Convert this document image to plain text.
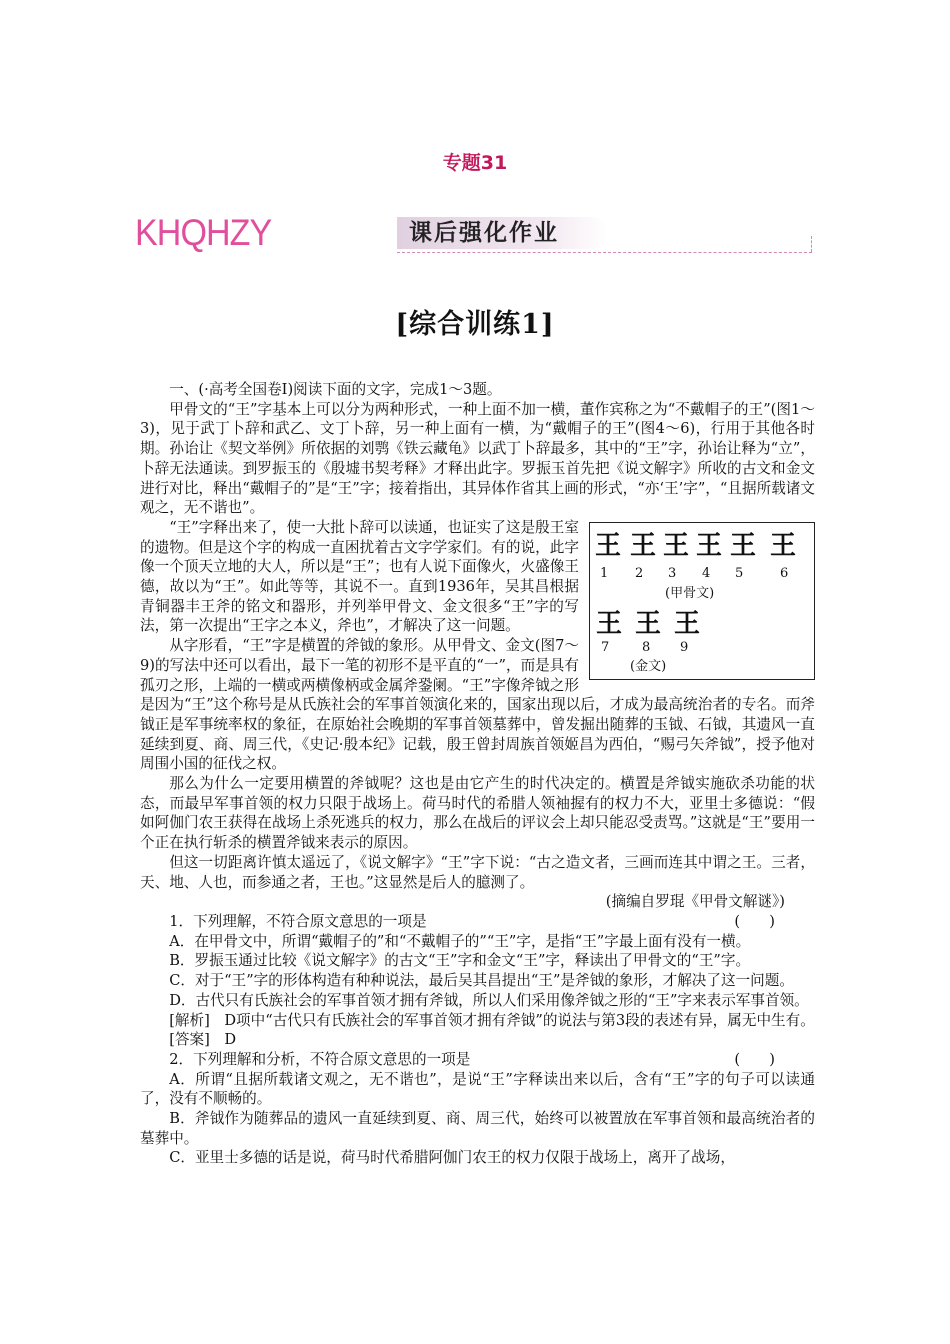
专题31
KHQHZY	课后强化作业
[综合训练1]

一、(·高考全国卷Ⅰ)阅读下面的文字，完成1～3题。

甲骨文的“王”字基本上可以分为两种形式，一种上面不加一横，董作宾称之为“不戴帽子的王”(图1～3)，见于武丁卜辞和武乙、文丁卜辞，另一种上面有一横，为“戴帽子的王”(图4～6)，行用于其他各时期。孙诒让《契文举例》所依据的刘鹗《铁云藏龟》以武丁卜辞最多，其中的“王”字，孙诒让释为“立”，卜辞无法通读。到罗振玉的《殷墟书契考释》才释出此字。罗振玉首先把《说文解字》所收的古文和金文进行对比，释出“戴帽子的”是“王”字；接着指出，其异体作省其上画的形式，“亦‘王’字”，“且据所载诸文观之，无不谐也”。

王 王 王 王 王 王
1 2 3 4 5	6
(甲骨文)
王 王 王
7	8 9
(金文)

“王”字释出来了，使一大批卜辞可以读通，也证实了这是殷王室的遗物。但是这个字的构成一直困扰着古文字学家们。有的说，此字像一个顶天立地的大人，所以是“王”；也有人说下面像火，火盛像王德，故以为“王”。如此等等，其说不一。直到1936年，吴其昌根据青铜器丰王斧的铭文和器形，并列举甲骨文、金文很多“王”字的写法，第一次提出“王字之本义，斧也”，才解决了这一问题。

从字形看，“王”字是横置的斧钺的象形。从甲骨文、金文(图7～9)的写法中还可以看出，最下一笔的初形不是平直的“一”，而是具有孤刃之形，上端的一横或两横像柄或金属斧銎阑。“王”字像斧钺之形是因为“王”这个称号是从氏族社会的军事首领演化来的，国家出现以后，才成为最高统治者的专名。而斧钺正是军事统率权的象征，在原始社会晚期的军事首领墓葬中，曾发掘出随葬的玉钺、石钺，其遗风一直延续到夏、商、周三代，《史记·殷本纪》记载，殷王曾封周族首领姬昌为西伯，“赐弓矢斧钺”，授予他对周围小国的征伐之权。

那么为什么一定要用横置的斧钺呢？这也是由它产生的时代决定的。横置是斧钺实施砍杀功能的状态，而最早军事首领的权力只限于战场上。荷马时代的希腊人领袖握有的权力不大，亚里士多德说：“假如阿伽门农王获得在战场上杀死逃兵的权力，那么在战后的评议会上却只能忍受责骂。”这就是“王”要用一个正在执行斩杀的横置斧钺来表示的原因。

但这一切距离许慎太遥远了，《说文解字》“王”字下说：“古之造文者，三画而连其中谓之王。三者，天、地、人也，而参通之者，王也。”这显然是后人的臆测了。

(摘编自罗琨《甲骨文解谜》)

(　　)
1．下列理解，不符合原文意思的一项是

A．在甲骨文中，所谓“戴帽子的”和“不戴帽子的”“王”字，是指“王”字最上面有没有一横。

B．罗振玉通过比较《说文解字》的古文“王”字和金文“王”字，释读出了甲骨文的“王”字。

C．对于“王”字的形体构造有种种说法，最后吴其昌提出“王”是斧钺的象形，才解决了这一问题。

D．古代只有氏族社会的军事首领才拥有斧钺，所以人们采用像斧钺之形的“王”字来表示军事首领。

[解析]　D项中“古代只有氏族社会的军事首领才拥有斧钺”的说法与第3段的表述有异，属无中生有。

[答案]　D

(　　)
2．下列理解和分析，不符合原文意思的一项是

A．所谓“且据所载诸文观之，无不谐也”，是说“王”字释读出来以后，含有“王”字的句子可以读通了，没有不顺畅的。

B．斧钺作为随葬品的遗风一直延续到夏、商、周三代，始终可以被置放在军事首领和最高统治者的墓葬中。

C．亚里士多德的话是说，荷马时代希腊阿伽门农王的权力仅限于战场上，离开了战场，
